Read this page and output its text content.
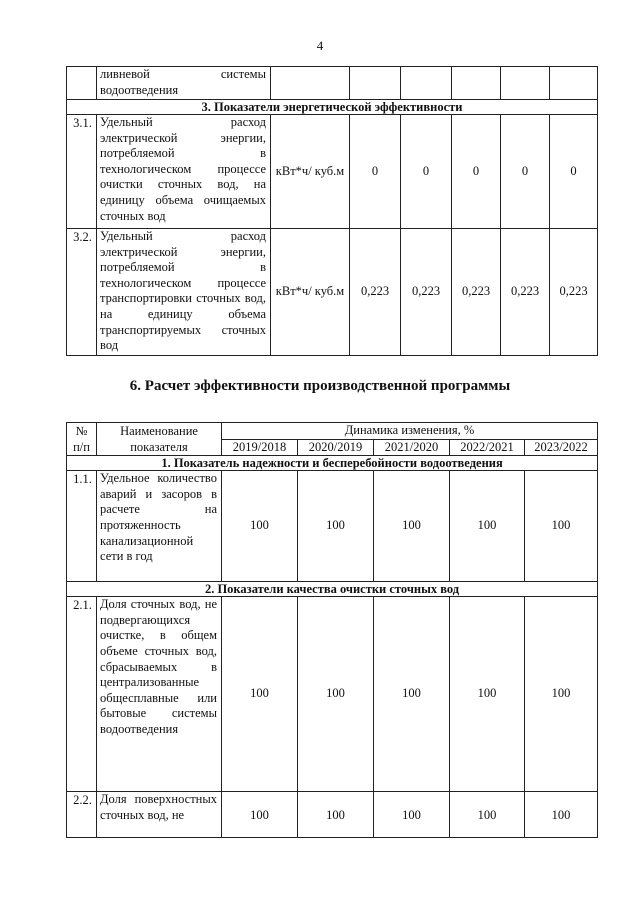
4
	ливневой системы водоотведения						
3. Показатели энергетической эффективности							
3.1.	Удельный расход электрической энергии, потребляемой в технологическом процессе очистки сточных вод, на единицу объема очищаемых сточных вод	кВт*ч/ куб.м	0	0	0	0	0
3.2.	Удельный расход электрической энергии, потребляемой в технологическом процессе транспортировки сточных вод, на единицу объема транспортируемых сточных вод	кВт*ч/ куб.м	0,223	0,223	0,223	0,223	0,223
6. Расчет эффективности производственной программы
№ п/п	Наименование показателя	Динамика изменения, %				
		2019/2018	2020/2019	2021/2020	2022/2021	2023/2022
1. Показатель надежности и бесперебойности водоотведения						
1.1.	Удельное количество аварий и засоров в расчете на протяженность канализационной сети в год	100	100	100	100	100
2. Показатели качества очистки сточных вод						
2.1.	Доля сточных вод, не подвергающихся очистке, в общем объеме сточных вод, сбрасываемых в централизованные общесплавные или бытовые системы водоотведения	100	100	100	100	100
2.2.	Доля поверхностных сточных вод, не	100	100	100	100	100
